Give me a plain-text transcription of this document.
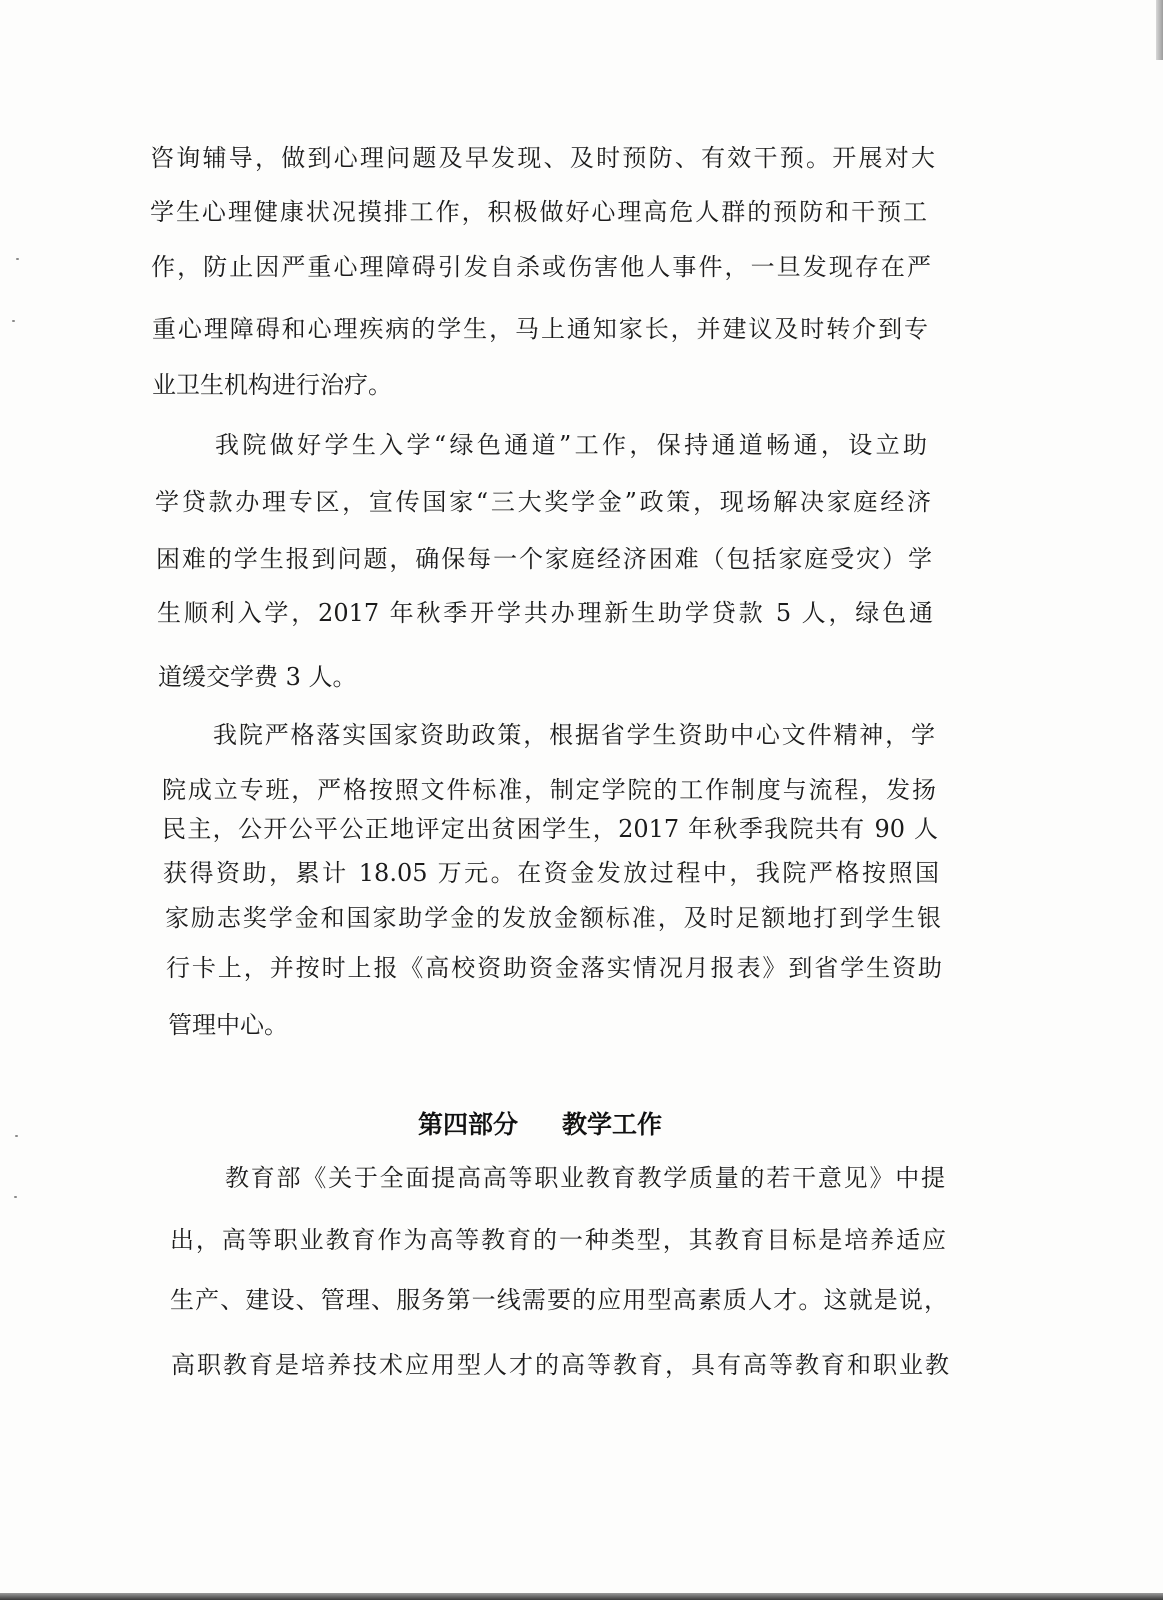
咨询辅导，做到心理问题及早发现、及时预防、有效干预。开展对大
学生心理健康状况摸排工作，积极做好心理高危人群的预防和干预工
作，防止因严重心理障碍引发自杀或伤害他人事件，一旦发现存在严
重心理障碍和心理疾病的学生，马上通知家长，并建议及时转介到专
业卫生机构进行治疗。
我院做好学生入学“绿色通道”工作，保持通道畅通，设立助
学贷款办理专区，宣传国家“三大奖学金”政策，现场解决家庭经济
困难的学生报到问题，确保每一个家庭经济困难（包括家庭受灾）学
生顺利入学，2017 年秋季开学共办理新生助学贷款 5 人，绿色通
道缓交学费 3 人。
我院严格落实国家资助政策，根据省学生资助中心文件精神，学
院成立专班，严格按照文件标准，制定学院的工作制度与流程，发扬
民主，公开公平公正地评定出贫困学生，2017 年秋季我院共有 90 人
获得资助，累计 18.05 万元。在资金发放过程中，我院严格按照国
家励志奖学金和国家助学金的发放金额标准，及时足额地打到学生银
行卡上，并按时上报《高校资助资金落实情况月报表》到省学生资助
管理中心。
第四部分 教学工作
教育部《关于全面提高高等职业教育教学质量的若干意见》中提
出，高等职业教育作为高等教育的一种类型，其教育目标是培养适应
生产、建设、管理、服务第一线需要的应用型高素质人才。这就是说，
高职教育是培养技术应用型人才的高等教育，具有高等教育和职业教
